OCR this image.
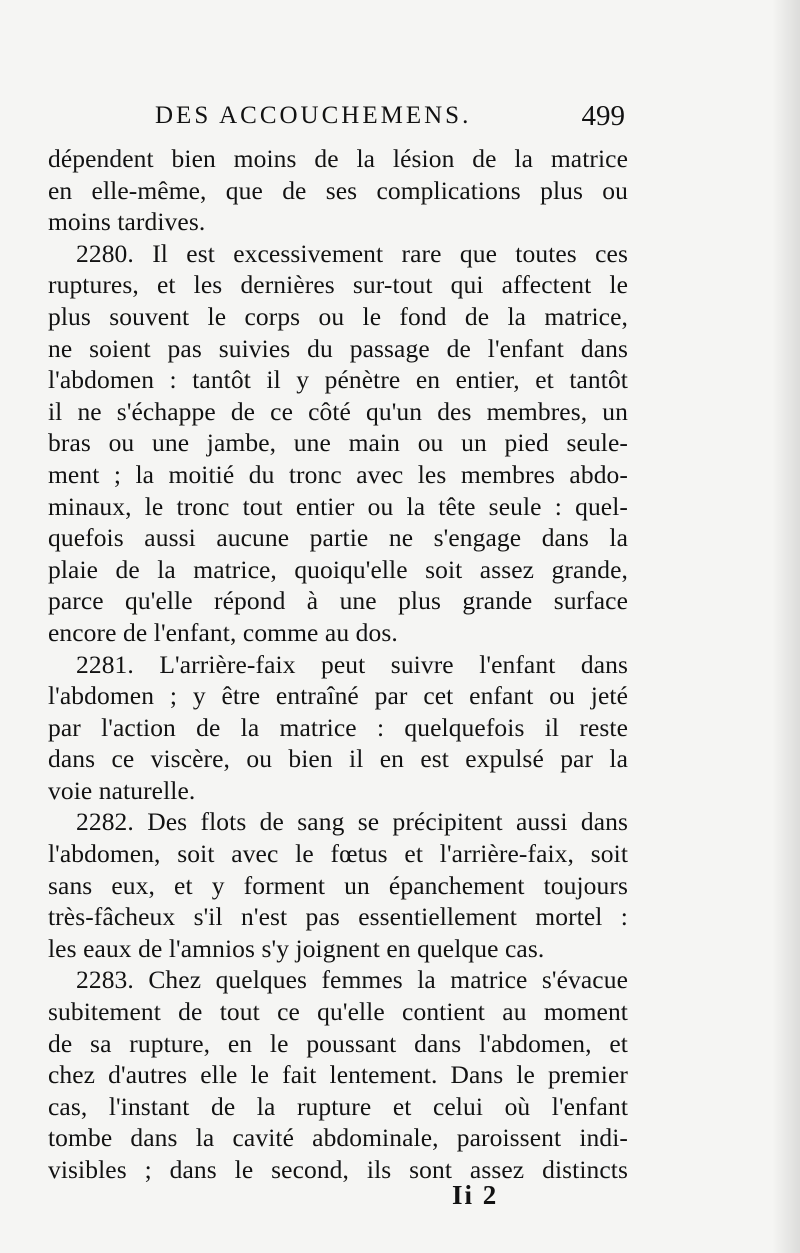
DES ACCOUCHEMENS.	499
dépendent bien moins de la lésion de la matrice
en elle-même, que de ses complications plus ou
moins tardives.
2280. Il est excessivement rare que toutes ces
ruptures, et les dernières sur-tout qui affectent le
plus souvent le corps ou le fond de la matrice,
ne soient pas suivies du passage de l'enfant dans
l'abdomen : tantôt il y pénètre en entier, et tantôt
il ne s'échappe de ce côté qu'un des membres, un
bras ou une jambe, une main ou un pied seule-
ment ; la moitié du tronc avec les membres abdo-
minaux, le tronc tout entier ou la tête seule : quel-
quefois aussi aucune partie ne s'engage dans la
plaie de la matrice, quoiqu'elle soit assez grande,
parce qu'elle répond à une plus grande surface
encore de l'enfant, comme au dos.
2281. L'arrière-faix peut suivre l'enfant dans
l'abdomen ; y être entraîné par cet enfant ou jeté
par l'action de la matrice : quelquefois il reste
dans ce viscère, ou bien il en est expulsé par la
voie naturelle.
2282. Des flots de sang se précipitent aussi dans
l'abdomen, soit avec le fœtus et l'arrière-faix, soit
sans eux, et y forment un épanchement toujours
très-fâcheux s'il n'est pas essentiellement mortel :
les eaux de l'amnios s'y joignent en quelque cas.
2283. Chez quelques femmes la matrice s'évacue
subitement de tout ce qu'elle contient au moment
de sa rupture, en le poussant dans l'abdomen, et
chez d'autres elle le fait lentement. Dans le premier
cas, l'instant de la rupture et celui où l'enfant
tombe dans la cavité abdominale, paroissent indi-
visibles ; dans le second, ils sont assez distincts
Ii 2
